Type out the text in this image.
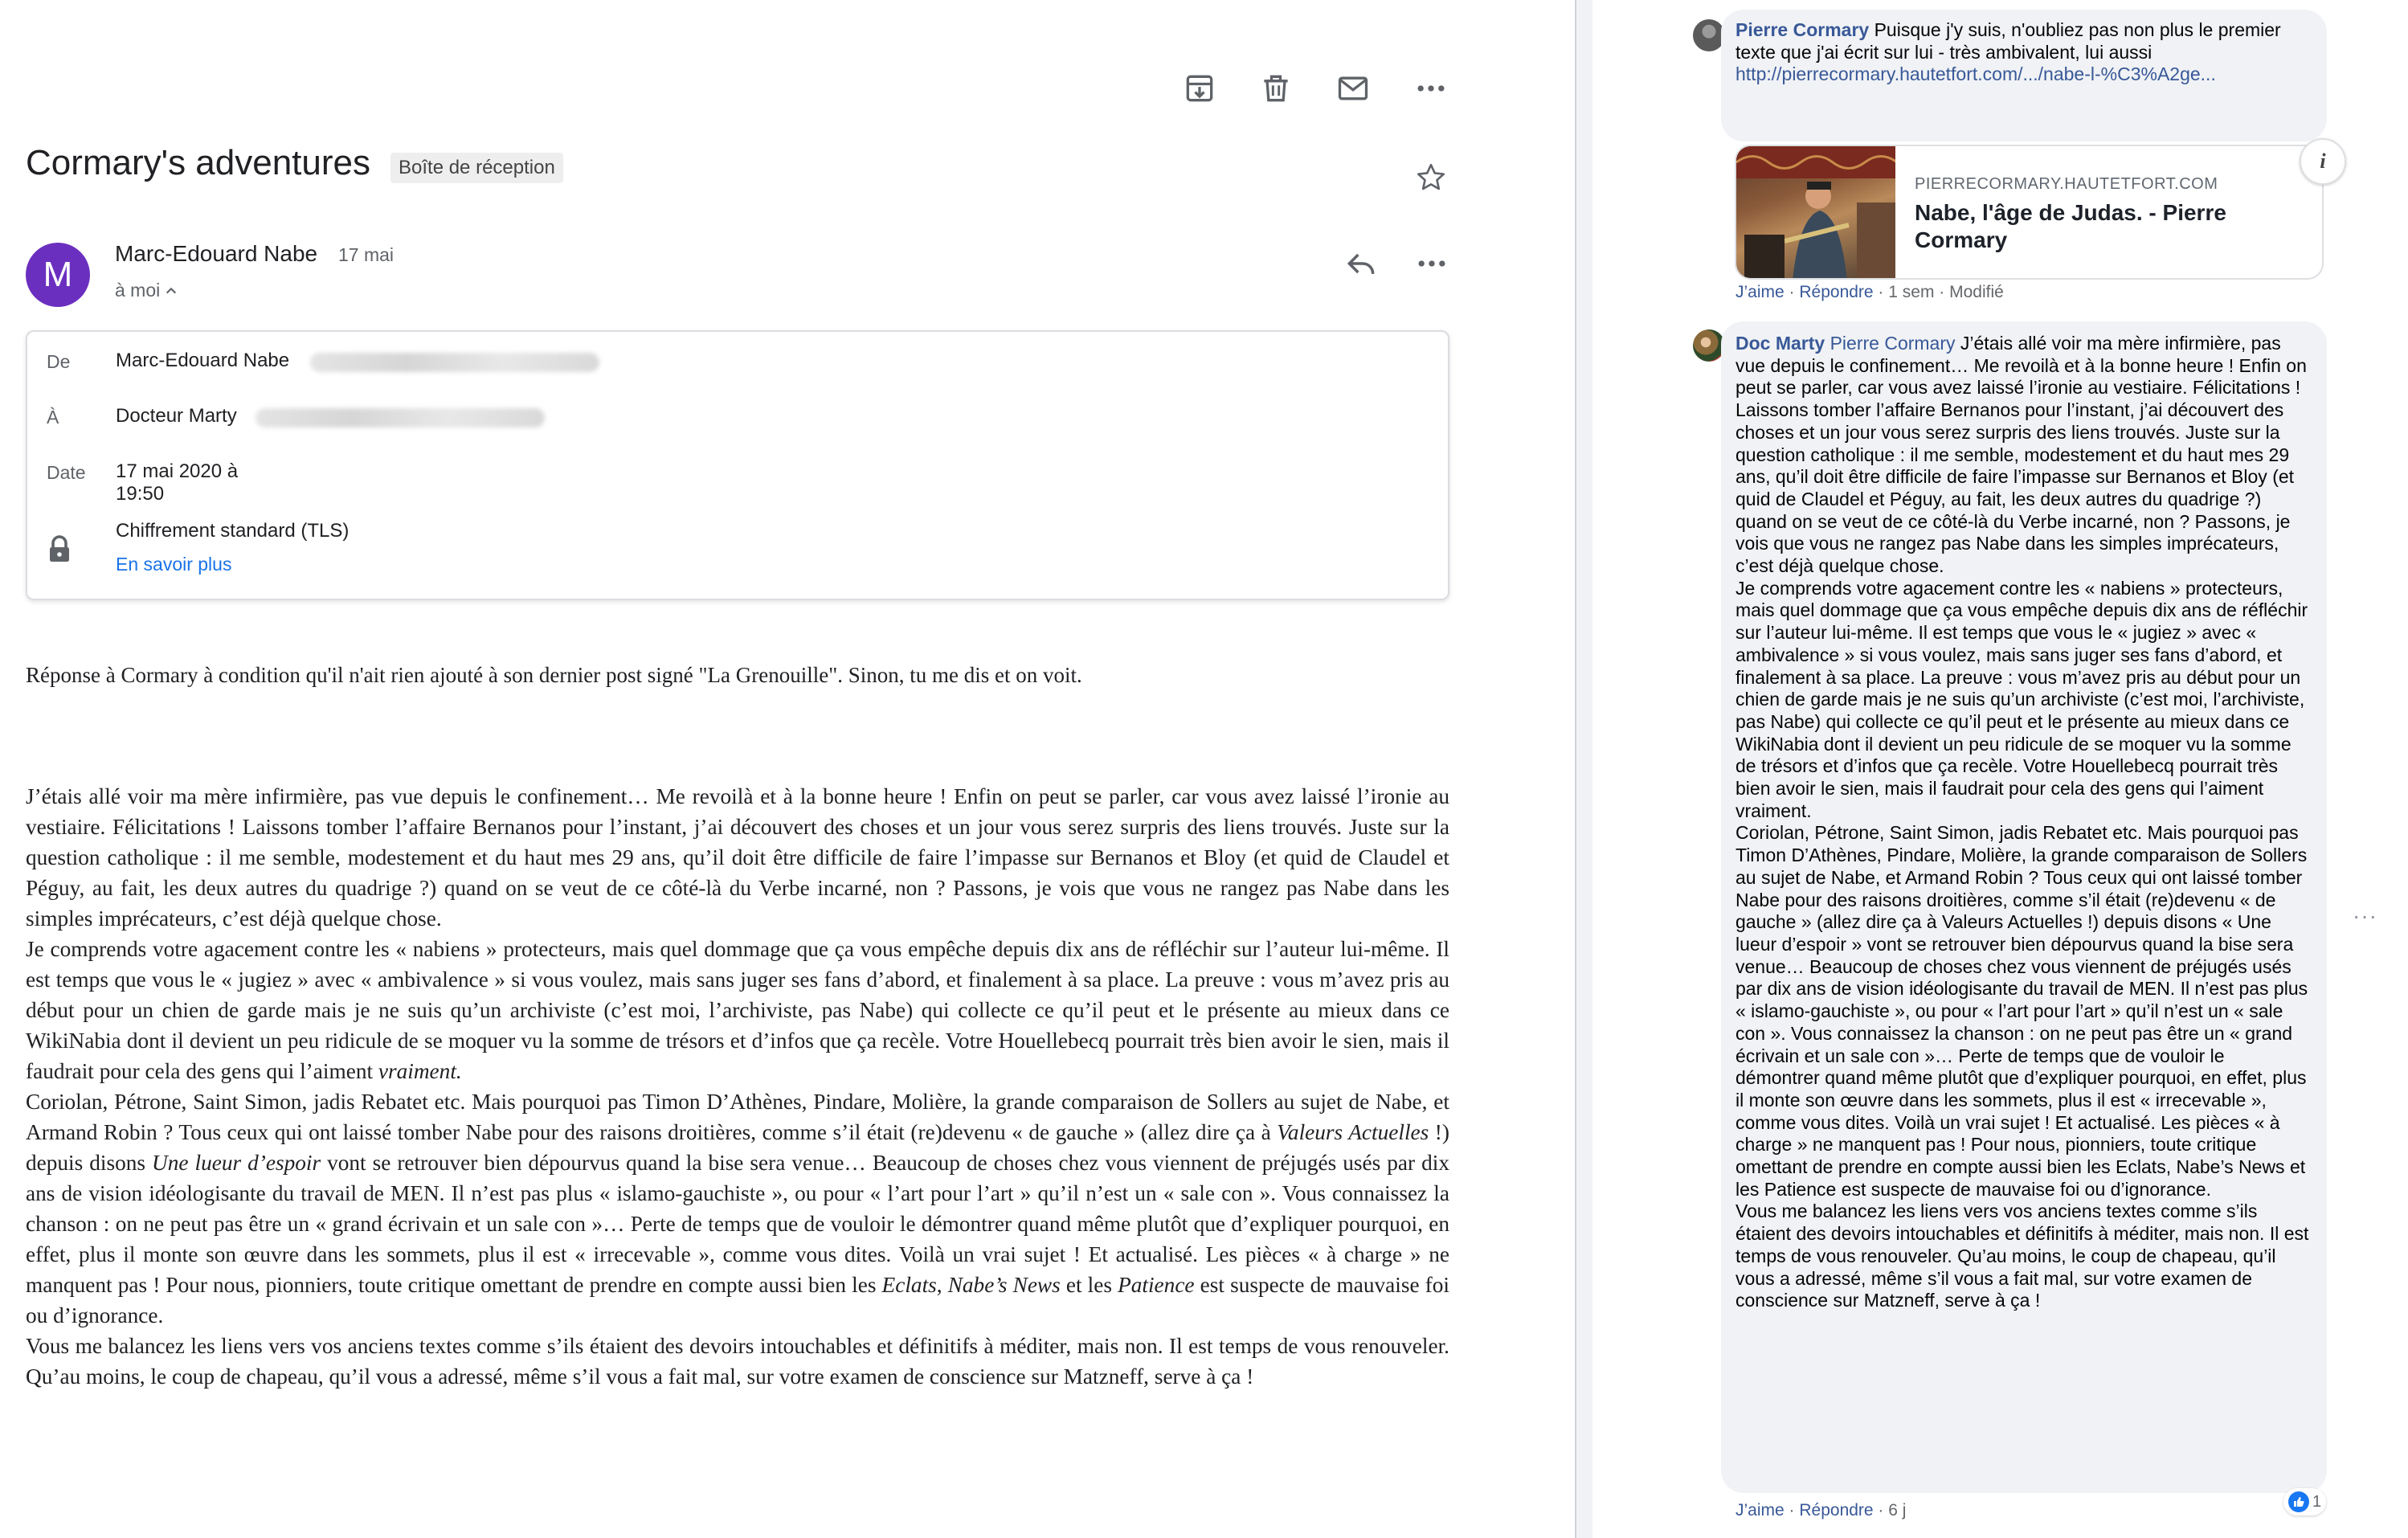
Cormary's adventures	Boîte de réception
M
Marc-Edouard Nabe 17 mai
à moi
De Marc-Edouard Nabe
À	Docteur Marty
Date 17 mai 2020 à
19:50
Chiffrement standard (TLS)
En savoir plus
Réponse à Cormary à condition qu'il n'ait rien ajouté à son dernier post signé "La Grenouille". Sinon, tu me dis et on voit.

J’étais allé voir ma mère infirmière, pas vue depuis le confinement… Me revoilà et à la bonne heure ! Enfin on peut se parler, car vous avez laissé l’ironie au vestiaire. Félicitations ! Laissons tomber l’affaire Bernanos pour l’instant, j’ai découvert des choses et un jour vous serez surpris des liens trouvés. Juste sur la question catholique : il me semble, modestement et du haut mes 29 ans, qu’il doit être difficile de faire l’impasse sur Bernanos et Bloy (et quid de Claudel et Péguy, au fait, les deux autres du quadrige ?) quand on se veut de ce côté-là du Verbe incarné, non ? Passons, je vois que vous ne rangez pas Nabe dans les simples imprécateurs, c’est déjà quelque chose.

Je comprends votre agacement contre les « nabiens » protecteurs, mais quel dommage que ça vous empêche depuis dix ans de réfléchir sur l’auteur lui-même. Il est temps que vous le « jugiez » avec « ambivalence » si vous voulez, mais sans juger ses fans d’abord, et finalement à sa place. La preuve : vous m’avez pris au début pour un chien de garde mais je ne suis qu’un archiviste (c’est moi, l’archiviste, pas Nabe) qui collecte ce qu’il peut et le présente au mieux dans ce WikiNabia dont il devient un peu ridicule de se moquer vu la somme de trésors et d’infos que ça recèle. Votre Houellebecq pourrait très bien avoir le sien, mais il faudrait pour cela des gens qui l’aiment vraiment.

Coriolan, Pétrone, Saint Simon, jadis Rebatet etc. Mais pourquoi pas Timon D’Athènes, Pindare, Molière, la grande comparaison de Sollers au sujet de Nabe, et Armand Robin ? Tous ceux qui ont laissé tomber Nabe pour des raisons droitières, comme s’il était (re)devenu « de gauche » (allez dire ça à Valeurs Actuelles !) depuis disons Une lueur d’espoir vont se retrouver bien dépourvus quand la bise sera venue… Beaucoup de choses chez vous viennent de préjugés usés par dix ans de vision idéologisante du travail de MEN. Il n’est pas plus « islamo-gauchiste », ou pour « l’art pour l’art » qu’il n’est un « sale con ». Vous connaissez la chanson : on ne peut pas être un « grand écrivain et un sale con »… Perte de temps que de vouloir le démontrer quand même plutôt que d’expliquer pourquoi, en effet, plus il monte son œuvre dans les sommets, plus il est « irrecevable », comme vous dites. Voilà un vrai sujet ! Et actualisé. Les pièces « à charge » ne manquent pas ! Pour nous, pionniers, toute critique omettant de prendre en compte aussi bien les Eclats, Nabe’s News et les Patience est suspecte de mauvaise foi ou d’ignorance.

Vous me balancez les liens vers vos anciens textes comme s’ils étaient des devoirs intouchables et définitifs à méditer, mais non. Il est temps de vous renouveler. Qu’au moins, le coup de chapeau, qu’il vous a adressé, même s’il vous a fait mal, sur votre examen de conscience sur Matzneff, serve à ça !

Pierre Cormary Puisque j'y suis, n'oubliez pas non plus le premier texte que j'ai écrit sur lui - très ambivalent, lui aussi
http://pierrecormary.hautetfort.com/.../nabe-l-%C3%A2ge...
PIERRECORMARY.HAUTETFORT.COM
Nabe, l'âge de Judas. - Pierre Cormary
i
J’aime · Répondre · 1 sem · Modifié
Doc Marty Pierre Cormary J’étais allé voir ma mère infirmière, pas vue depuis le confinement… Me revoilà et à la bonne heure ! Enfin on peut se parler, car vous avez laissé l’ironie au vestiaire. Félicitations ! Laissons tomber l’affaire Bernanos pour l’instant, j’ai découvert des choses et un jour vous serez surpris des liens trouvés. Juste sur la question catholique : il me semble, modestement et du haut mes 29 ans, qu’il doit être difficile de faire l’impasse sur Bernanos et Bloy (et quid de Claudel et Péguy, au fait, les deux autres du quadrige ?) quand on se veut de ce côté-là du Verbe incarné, non ? Passons, je vois que vous ne rangez pas Nabe dans les simples imprécateurs, c’est déjà quelque chose.
Je comprends votre agacement contre les « nabiens » protecteurs, mais quel dommage que ça vous empêche depuis dix ans de réfléchir sur l’auteur lui-même. Il est temps que vous le « jugiez » avec « ambivalence » si vous voulez, mais sans juger ses fans d’abord, et finalement à sa place. La preuve : vous m’avez pris au début pour un chien de garde mais je ne suis qu’un archiviste (c’est moi, l’archiviste, pas Nabe) qui collecte ce qu’il peut et le présente au mieux dans ce WikiNabia dont il devient un peu ridicule de se moquer vu la somme de trésors et d’infos que ça recèle. Votre Houellebecq pourrait très bien avoir le sien, mais il faudrait pour cela des gens qui l’aiment vraiment.
Coriolan, Pétrone, Saint Simon, jadis Rebatet etc. Mais pourquoi pas Timon D’Athènes, Pindare, Molière, la grande comparaison de Sollers au sujet de Nabe, et Armand Robin ? Tous ceux qui ont laissé tomber Nabe pour des raisons droitières, comme s’il était (re)devenu « de gauche » (allez dire ça à Valeurs Actuelles !) depuis disons « Une lueur d’espoir » vont se retrouver bien dépourvus quand la bise sera venue… Beaucoup de choses chez vous viennent de préjugés usés par dix ans de vision idéologisante du travail de MEN. Il n’est pas plus « islamo-gauchiste », ou pour « l’art pour l’art » qu’il n’est un « sale con ». Vous connaissez la chanson : on ne peut pas être un « grand écrivain et un sale con »… Perte de temps que de vouloir le démontrer quand même plutôt que d’expliquer pourquoi, en effet, plus il monte son œuvre dans les sommets, plus il est « irrecevable », comme vous dites. Voilà un vrai sujet ! Et actualisé. Les pièces « à charge » ne manquent pas ! Pour nous, pionniers, toute critique omettant de prendre en compte aussi bien les Eclats, Nabe’s News et les Patience est suspecte de mauvaise foi ou d’ignorance.
Vous me balancez les liens vers vos anciens textes comme s’ils étaient des devoirs intouchables et définitifs à méditer, mais non. Il est temps de vous renouveler. Qu’au moins, le coup de chapeau, qu’il vous a adressé, même s’il vous a fait mal, sur votre examen de conscience sur Matzneff, serve à ça !
···
1
J’aime · Répondre · 6 j
